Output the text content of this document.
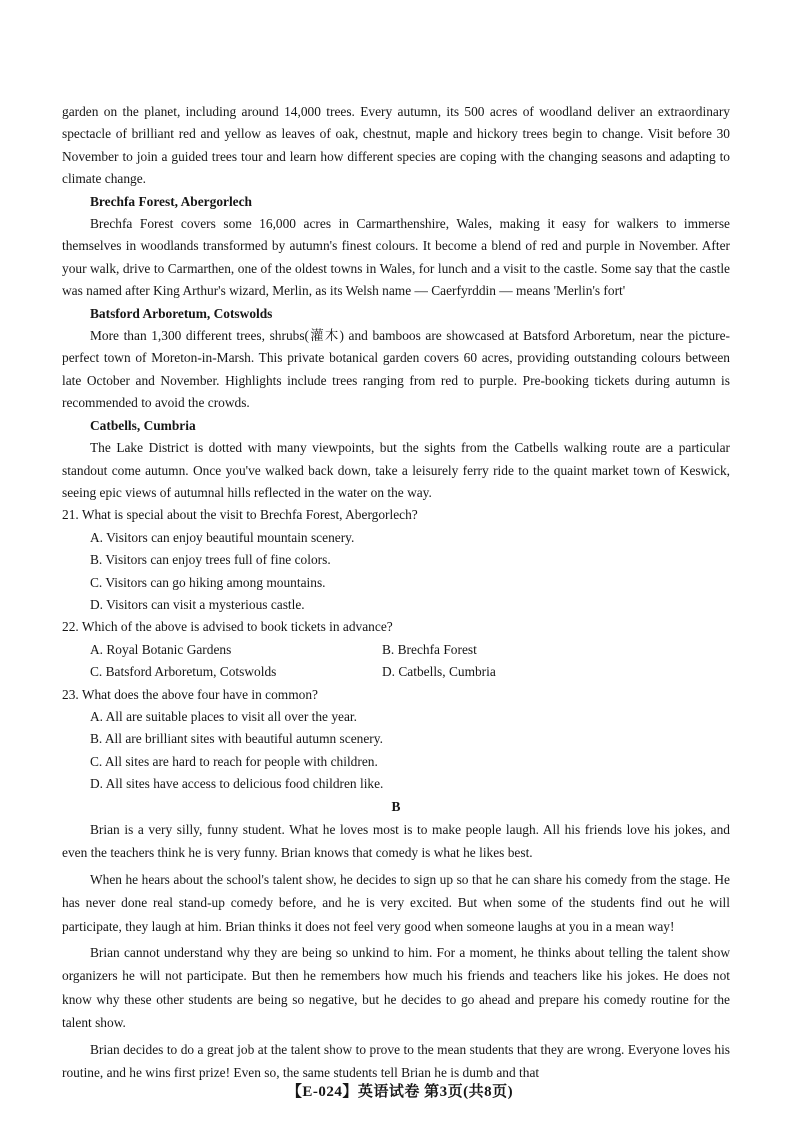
garden on the planet, including around 14,000 trees. Every autumn, its 500 acres of woodland deliver an extraordinary spectacle of brilliant red and yellow as leaves of oak, chestnut, maple and hickory trees begin to change. Visit before 30 November to join a guided trees tour and learn how different species are coping with the changing seasons and adapting to climate change.

Brechfa Forest, Abergorlech

Brechfa Forest covers some 16,000 acres in Carmarthenshire, Wales, making it easy for walkers to immerse themselves in woodlands transformed by autumn's finest colours. It become a blend of red and purple in November. After your walk, drive to Carmarthen, one of the oldest towns in Wales, for lunch and a visit to the castle. Some say that the castle was named after King Arthur's wizard, Merlin, as its Welsh name — Caerfyrddin — means 'Merlin's fort'

Batsford Arboretum, Cotswolds

More than 1,300 different trees, shrubs(灌木) and bamboos are showcased at Batsford Arboretum, near the picture-perfect town of Moreton-in-Marsh. This private botanical garden covers 60 acres, providing outstanding colours between late October and November. Highlights include trees ranging from red to purple. Pre-booking tickets during autumn is recommended to avoid the crowds.

Catbells, Cumbria

The Lake District is dotted with many viewpoints, but the sights from the Catbells walking route are a particular standout come autumn. Once you've walked back down, take a leisurely ferry ride to the quaint market town of Keswick, seeing epic views of autumnal hills reflected in the water on the way.

21. What is special about the visit to Brechfa Forest, Abergorlech?

A. Visitors can enjoy beautiful mountain scenery.

B. Visitors can enjoy trees full of fine colors.

C. Visitors can go hiking among mountains.

D. Visitors can visit a mysterious castle.

22. Which of the above is advised to book tickets in advance?

A. Royal Botanic Gardens	B. Brechfa Forest
C. Batsford Arboretum, Cotswolds	D. Catbells, Cumbria

23. What does the above four have in common?

A. All are suitable places to visit all over the year.

B. All are brilliant sites with beautiful autumn scenery.

C. All sites are hard to reach for people with children.

D. All sites have access to delicious food children like.

B

Brian is a very silly, funny student. What he loves most is to make people laugh. All his friends love his jokes, and even the teachers think he is very funny. Brian knows that comedy is what he likes best.

When he hears about the school's talent show, he decides to sign up so that he can share his comedy from the stage. He has never done real stand-up comedy before, and he is very excited. But when some of the students find out he will participate, they laugh at him. Brian thinks it does not feel very good when someone laughs at you in a mean way!

Brian cannot understand why they are being so unkind to him. For a moment, he thinks about telling the talent show organizers he will not participate. But then he remembers how much his friends and teachers like his jokes. He does not know why these other students are being so negative, but he decides to go ahead and prepare his comedy routine for the talent show.

Brian decides to do a great job at the talent show to prove to the mean students that they are wrong. Everyone loves his routine, and he wins first prize! Even so, the same students tell Brian he is dumb and that

【E-024】英语试卷 第3页(共8页)
